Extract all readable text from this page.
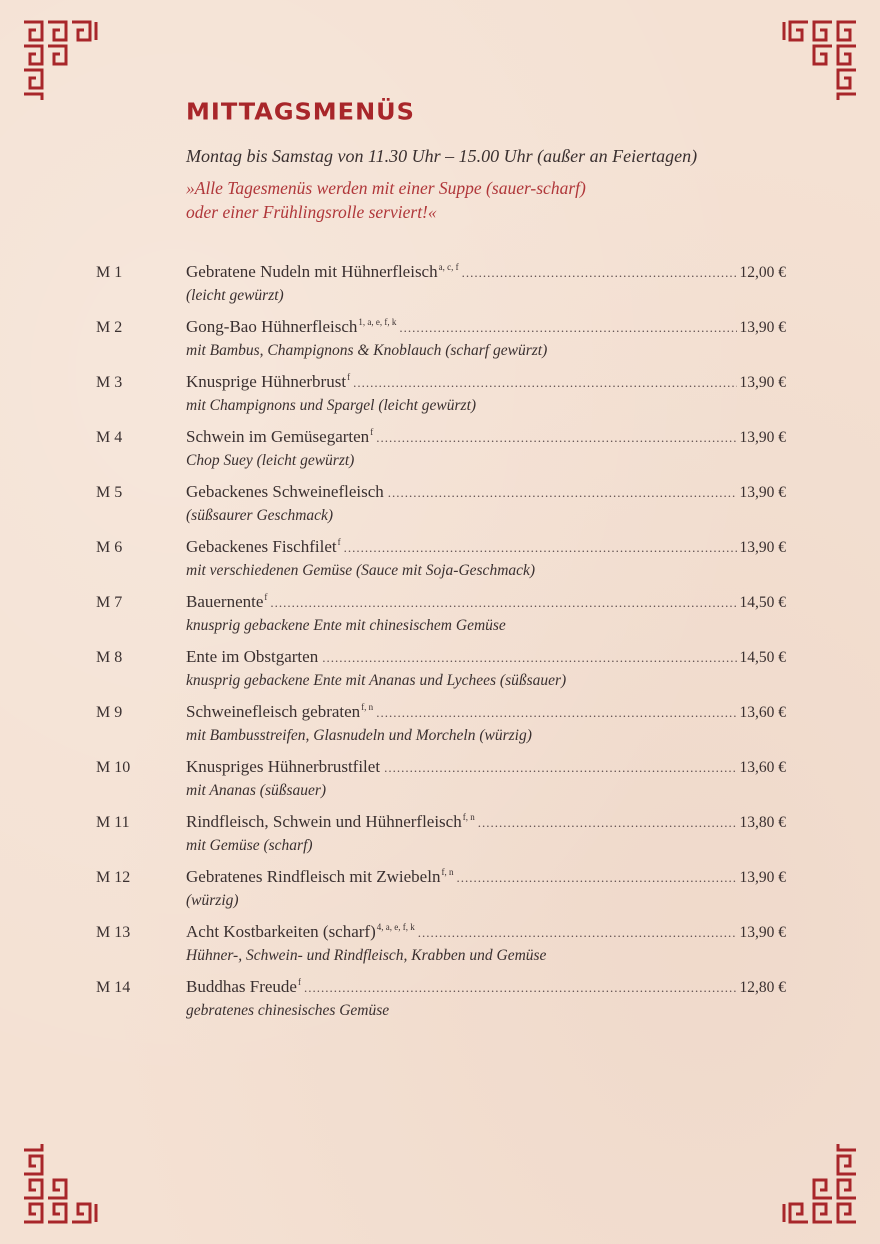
MITTAGSMENÜS
Montag bis Samstag von 11.30 Uhr – 15.00 Uhr (außer an Feiertagen)
»Alle Tagesmenüs werden mit einer Suppe (sauer-scharf)
oder einer Frühlingsrolle serviert!«
M 1	Gebratene Nudeln mit Hühnerfleisch$^{a, c, f}$ .....	12,00 €
(leicht gewürzt)
M 2	Gong-Bao Hühnerfleisch$^{1, a, e, f, k}$ .....	13,90 €
mit Bambus, Champignons & Knoblauch (scharf gewürzt)
M 3	Knusprige Hühnerbrust$^f$ .....	13,90 €
mit Champignons und Spargel (leicht gewürzt)
M 4	Schwein im Gemüsegarten$^f$ .....	13,90 €
Chop Suey (leicht gewürzt)
M 5	Gebackenes Schweinefleisch .....	13,90 €
(süßsaurer Geschmack)
M 6	Gebackenes Fischfilet$^f$ .....	13,90 €
mit verschiedenen Gemüse (Sauce mit Soja-Geschmack)
M 7	Bauernente$^f$ .....	14,50 €
knusprig gebackene Ente mit chinesischem Gemüse
M 8	Ente im Obstgarten .....	14,50 €
knusprig gebackene Ente mit Ananas und Lychees (süßsauer)
M 9	Schweinefleisch gebraten$^{f, n}$ .....	13,60 €
mit Bambusstreifen, Glasnudeln und Morcheln (würzig)
M 10	Knuspriges Hühnerbrustfilet .....	13,60 €
mit Ananas (süßsauer)
M 11	Rindfleisch, Schwein und Hühnerfleisch$^{f, n}$ .....	13,80 €
mit Gemüse (scharf)
M 12	Gebratenes Rindfleisch mit Zwiebeln$^{f, n}$ .....	13,90 €
(würzig)
M 13	Acht Kostbarkeiten (scharf)$^{4, a, e, f, k}$ .....	13,90 €
Hühner-, Schwein- und Rindfleisch, Krabben und Gemüse
M 14	Buddhas Freude$^f$ .....	12,80 €
gebratenes chinesisches Gemüse
